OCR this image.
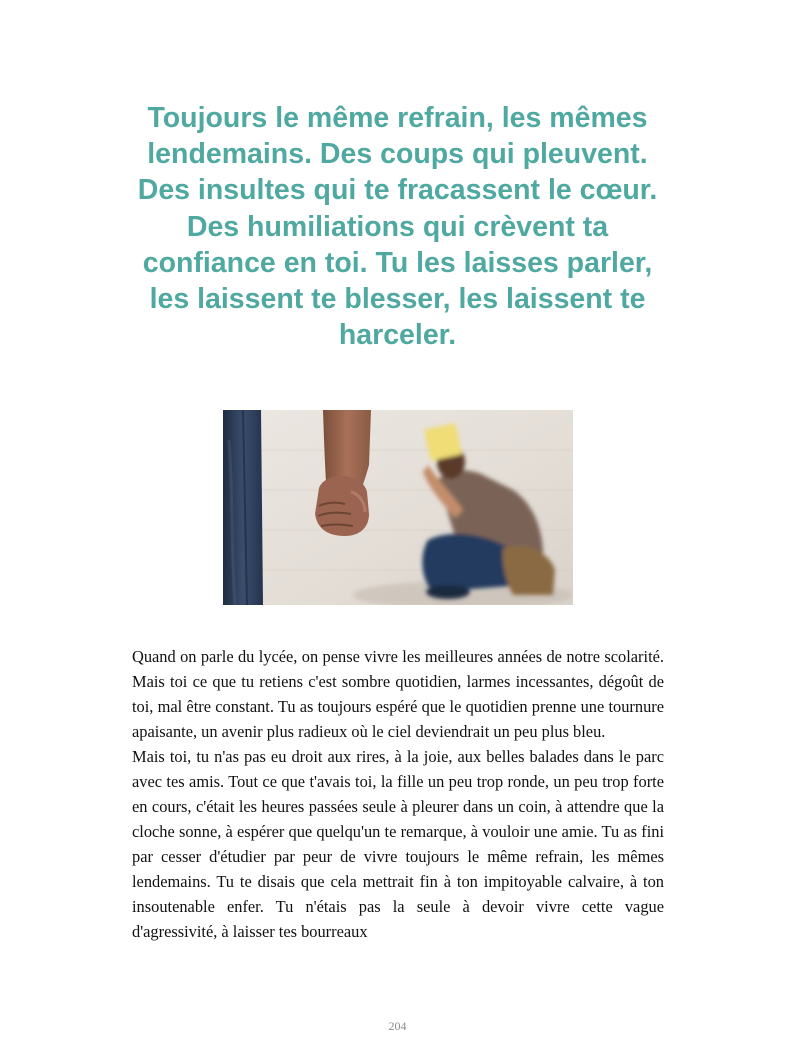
Toujours le même refrain, les mêmes lendemains. Des coups qui pleuvent. Des insultes qui te fracassent le cœur. Des humiliations qui crèvent ta confiance en toi. Tu les laisses parler, les laissent te blesser, les laissent te harceler.

Quand on parle du lycée, on pense vivre les meilleures années de notre scolarité. Mais toi ce que tu retiens c'est sombre quotidien, larmes incessantes, dégoût de toi, mal être constant. Tu as toujours espéré que le quotidien prenne une tournure apaisante, un avenir plus radieux où le ciel deviendrait un peu plus bleu.

Mais toi, tu n'as pas eu droit aux rires, à la joie, aux belles balades dans le parc avec tes amis. Tout ce que t'avais toi, la fille un peu trop ronde, un peu trop forte en cours, c'était les heures passées seule à pleurer dans un coin, à attendre que la cloche sonne, à espérer que quelqu'un te remarque, à vouloir une amie. Tu as fini par cesser d'étudier par peur de vivre toujours le même refrain, les mêmes lendemains. Tu te disais que cela mettrait fin à ton impitoyable calvaire, à ton insoutenable enfer. Tu n'étais pas la seule à devoir vivre cette vague d'agressivité, à laisser tes bourreaux

204
